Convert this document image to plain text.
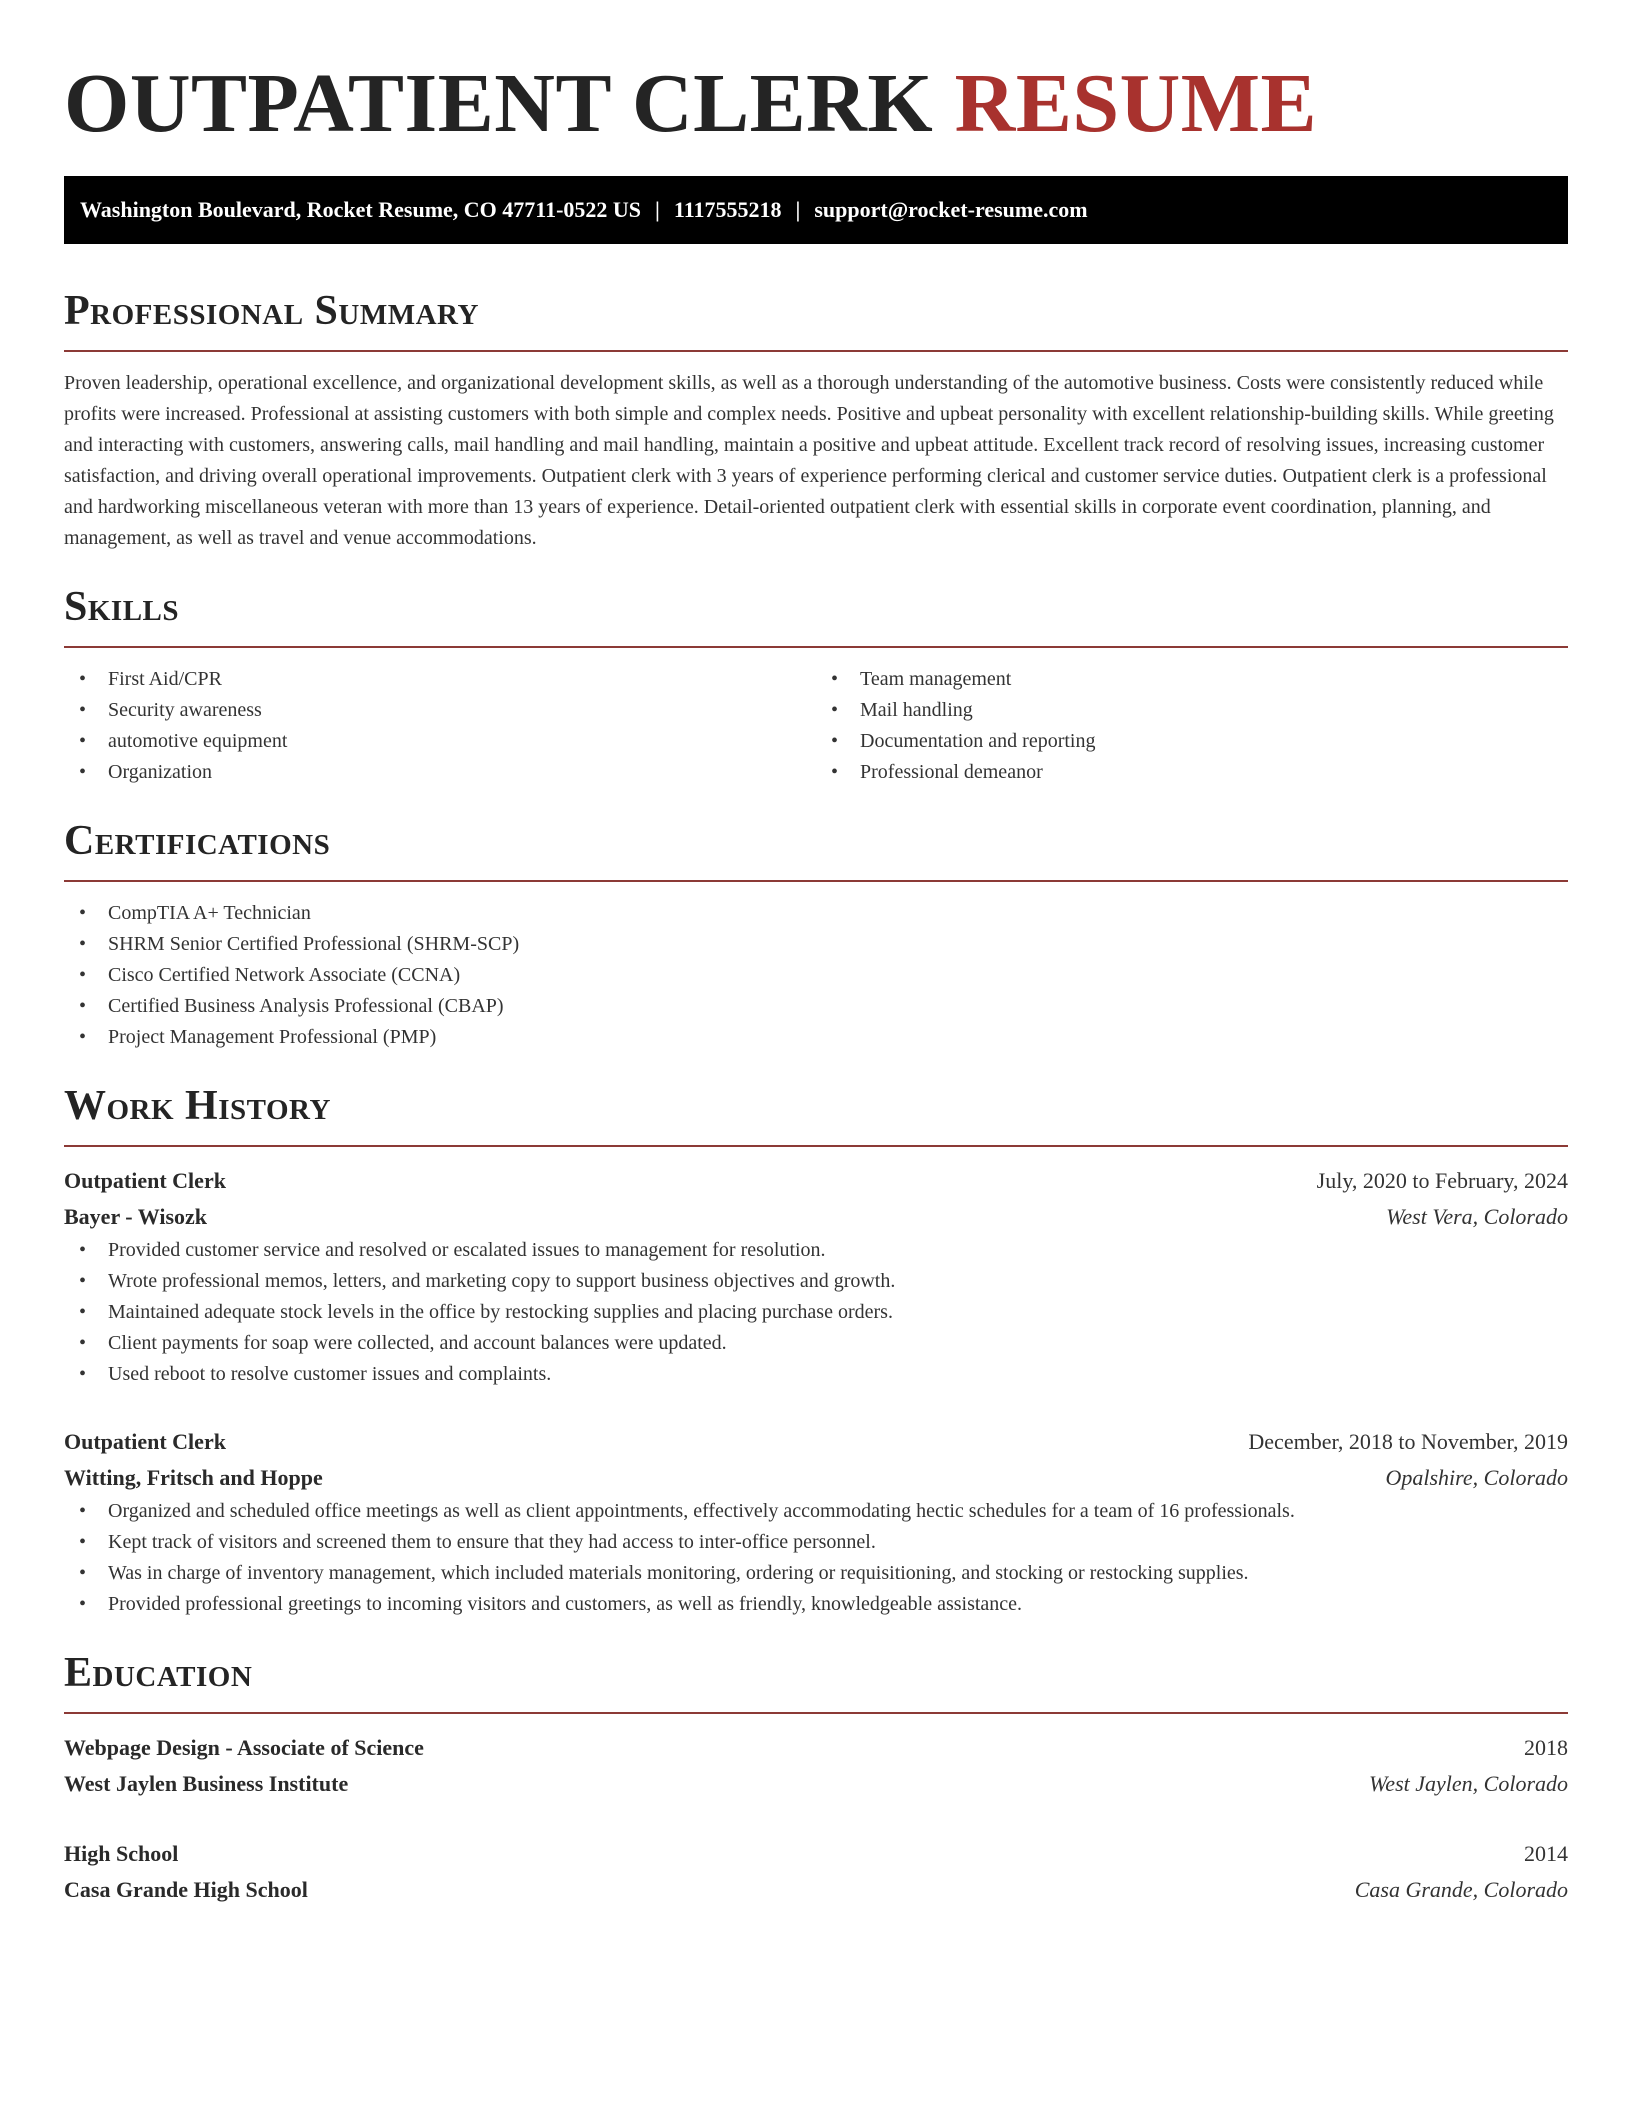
OUTPATIENT CLERK RESUME
Washington Boulevard, Rocket Resume, CO 47711-0522 US | 1117555218 | support@rocket-resume.com
Professional Summary

Proven leadership, operational excellence, and organizational development skills, as well as a thorough understanding of the automotive business. Costs were consistently reduced while profits were increased. Professional at assisting customers with both simple and complex needs. Positive and upbeat personality with excellent relationship-building skills. While greeting and interacting with customers, answering calls, mail handling and mail handling, maintain a positive and upbeat attitude. Excellent track record of resolving issues, increasing customer satisfaction, and driving overall operational improvements. Outpatient clerk with 3 years of experience performing clerical and customer service duties. Outpatient clerk is a professional and hardworking miscellaneous veteran with more than 13 years of experience. Detail-oriented outpatient clerk with essential skills in corporate event coordination, planning, and management, as well as travel and venue accommodations.

Skills
• First Aid/CPR
• Security awareness
• automotive equipment
• Organization
• Team management
• Mail handling
• Documentation and reporting
• Professional demeanor
Certifications
• CompTIA A+ Technician
• SHRM Senior Certified Professional (SHRM-SCP)
• Cisco Certified Network Associate (CCNA)
• Certified Business Analysis Professional (CBAP)
• Project Management Professional (PMP)
Work History
Outpatient Clerk	July, 2020 to February, 2024
Bayer - Wisozk	West Vera, Colorado
• Provided customer service and resolved or escalated issues to management for resolution.
• Wrote professional memos, letters, and marketing copy to support business objectives and growth.
• Maintained adequate stock levels in the office by restocking supplies and placing purchase orders.
• Client payments for soap were collected, and account balances were updated.
• Used reboot to resolve customer issues and complaints.
Outpatient Clerk	December, 2018 to November, 2019
Witting, Fritsch and Hoppe	Opalshire, Colorado
• Organized and scheduled office meetings as well as client appointments, effectively accommodating hectic schedules for a team of 16 professionals.
• Kept track of visitors and screened them to ensure that they had access to inter-office personnel.
• Was in charge of inventory management, which included materials monitoring, ordering or requisitioning, and stocking or restocking supplies.
• Provided professional greetings to incoming visitors and customers, as well as friendly, knowledgeable assistance.
Education
Webpage Design - Associate of Science	2018
West Jaylen Business Institute	West Jaylen, Colorado
High School	2014
Casa Grande High School	Casa Grande, Colorado
